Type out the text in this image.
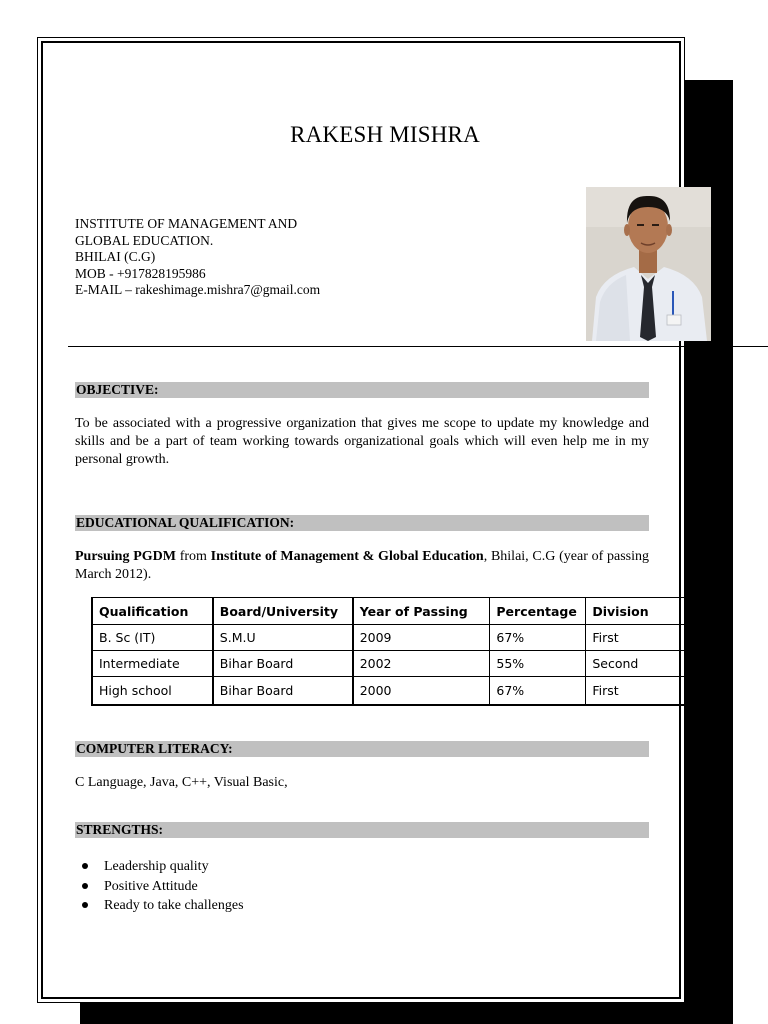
RAKESH MISHRA
INSTITUTE OF MANAGEMENT AND
GLOBAL EDUCATION.
BHILAI (C.G)
MOB - +917828195986
E-MAIL – rakeshimage.mishra7@gmail.com
OBJECTIVE:
To be associated with a progressive organization that gives me scope to update my knowledge and skills and be a part of team working towards organizational goals which will even help me in my personal growth.
EDUCATIONAL QUALIFICATION:
Pursuing PGDM from Institute of Management & Global Education, Bhilai, C.G (year of passing March 2012).
Qualification	Board/University	Year of Passing	Percentage	Division
B. Sc (IT)	S.M.U	2009	67%	First
Intermediate	Bihar Board	2002	55%	Second
High school	Bihar Board	2000	67%	First
COMPUTER LITERACY:
C Language, Java, C++, Visual Basic,
STRENGTHS:
Leadership quality
Positive Attitude
Ready to take challenges
